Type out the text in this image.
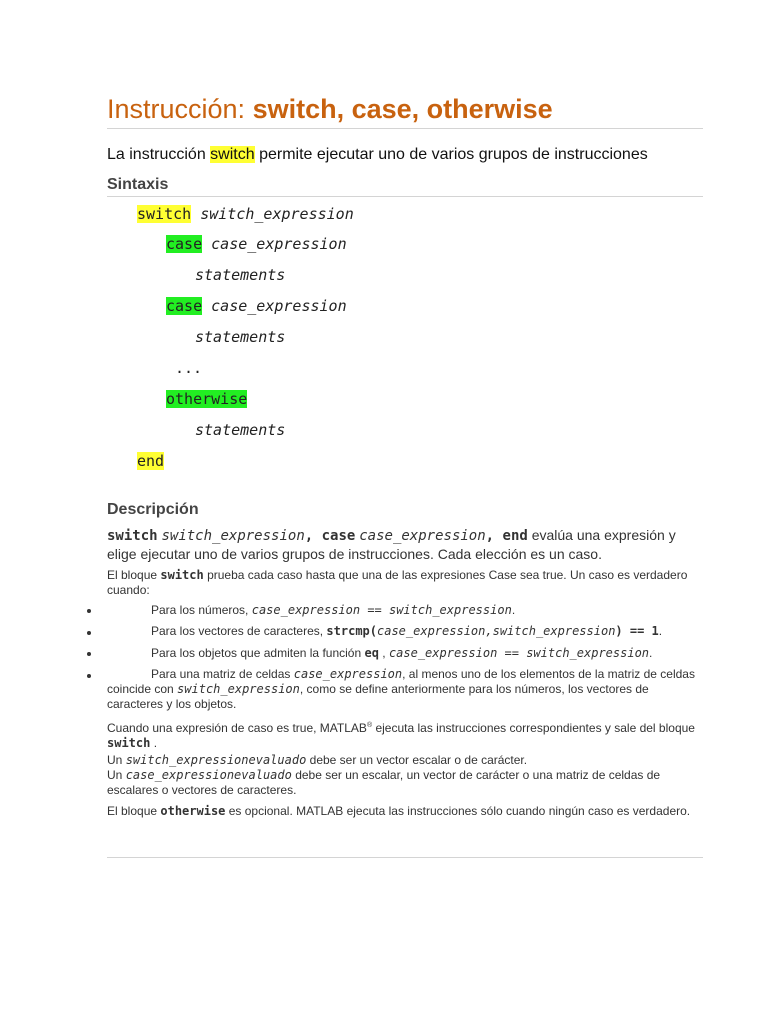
Instrucción: switch, case, otherwise
La instrucción switch permite ejecutar uno de varios grupos de instrucciones
Sintaxis
switch switch_expression
case case_expression
statements
case case_expression
statements
...
otherwise
statements
end
Descripción
switch switch_expression, case case_expression, end evalúa una expresión y elige ejecutar uno de varios grupos de instrucciones. Cada elección es un caso.
El bloque switch prueba cada caso hasta que una de las expresiones Case sea true. Un caso es verdadero cuando:
Para los números, case_expression == switch_expression.
Para los vectores de caracteres, strcmp(case_expression,switch_expression) == 1.
Para los objetos que admiten la función eq , case_expression == switch_expression.
Para una matriz de celdas case_expression, al menos uno de los elementos de la matriz de celdas coincide con switch_expression, como se define anteriormente para los números, los vectores de caracteres y los objetos.
Cuando una expresión de caso es true, MATLAB® ejecuta las instrucciones correspondientes y sale del bloque switch .
Un switch_expressionevaluado debe ser un vector escalar o de carácter.
Un case_expressionevaluado debe ser un escalar, un vector de carácter o una matriz de celdas de escalares o vectores de caracteres.
El bloque otherwise es opcional. MATLAB ejecuta las instrucciones sólo cuando ningún caso es verdadero.
